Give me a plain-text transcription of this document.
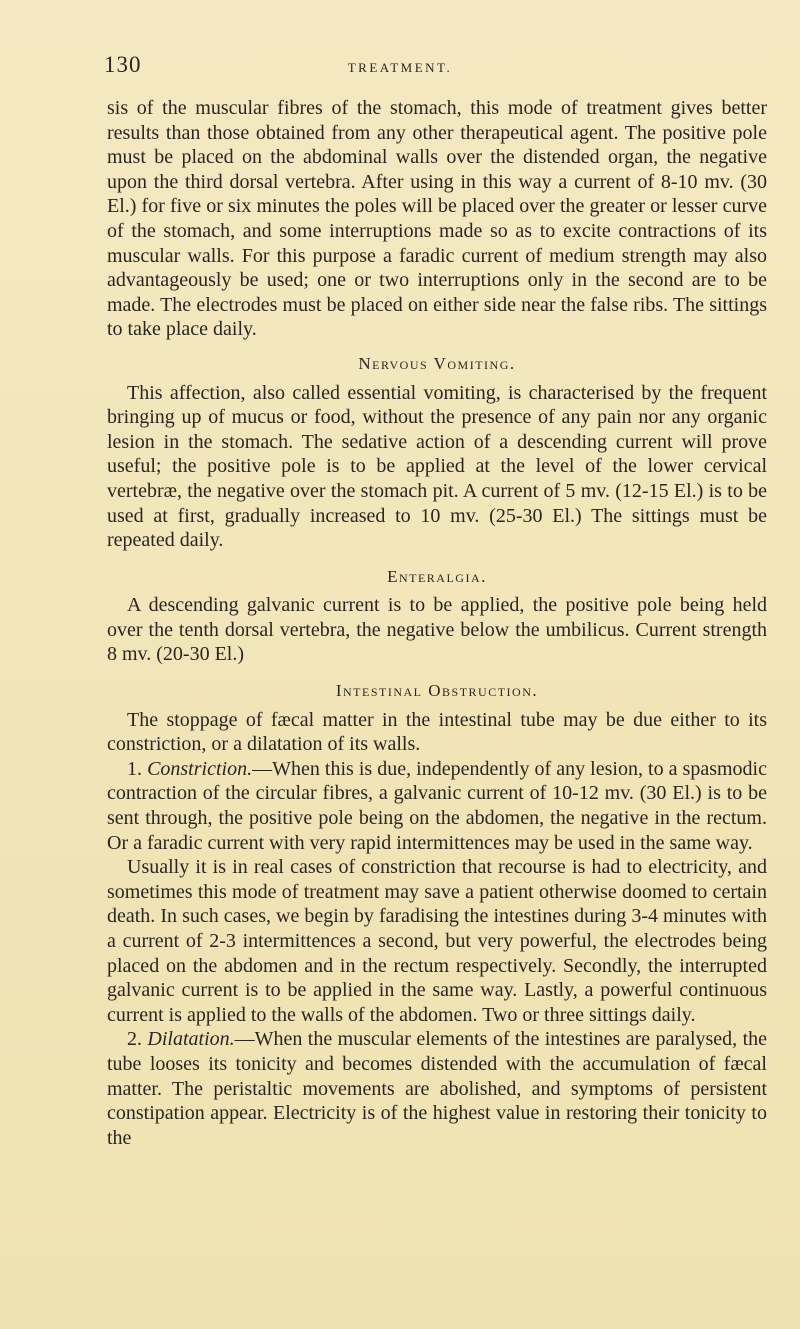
130	TREATMENT.

sis of the muscular fibres of the stomach, this mode of treatment gives better results than those obtained from any other therapeutical agent. The positive pole must be placed on the abdominal walls over the distended organ, the negative upon the third dorsal vertebra. After using in this way a current of 8-10 mv. (30 El.) for five or six minutes the poles will be placed over the greater or lesser curve of the stomach, and some interruptions made so as to excite contractions of its muscular walls. For this purpose a faradic current of medium strength may also advantageously be used; one or two interruptions only in the second are to be made. The electrodes must be placed on either side near the false ribs. The sittings to take place daily.

Nervous Vomiting.

This affection, also called essential vomiting, is characterised by the frequent bringing up of mucus or food, without the presence of any pain nor any organic lesion in the stomach. The sedative action of a descending current will prove useful; the positive pole is to be applied at the level of the lower cervical vertebræ, the negative over the stomach pit. A current of 5 mv. (12-15 El.) is to be used at first, gradually increased to 10 mv. (25-30 El.) The sittings must be repeated daily.

Enteralgia.

A descending galvanic current is to be applied, the positive pole being held over the tenth dorsal vertebra, the negative below the umbilicus. Current strength 8 mv. (20-30 El.)

Intestinal Obstruction.

The stoppage of fæcal matter in the intestinal tube may be due either to its constriction, or a dilatation of its walls.

1. Constriction.—When this is due, independently of any lesion, to a spasmodic contraction of the circular fibres, a galvanic current of 10-12 mv. (30 El.) is to be sent through, the positive pole being on the abdomen, the negative in the rectum. Or a faradic current with very rapid intermittences may be used in the same way.

Usually it is in real cases of constriction that recourse is had to electricity, and sometimes this mode of treatment may save a patient otherwise doomed to certain death. In such cases, we begin by faradising the intestines during 3-4 minutes with a current of 2-3 intermittences a second, but very powerful, the electrodes being placed on the abdomen and in the rectum respectively. Secondly, the interrupted galvanic current is to be applied in the same way. Lastly, a powerful continuous current is applied to the walls of the abdomen. Two or three sittings daily.

2. Dilatation.—When the muscular elements of the intestines are paralysed, the tube looses its tonicity and becomes distended with the accumulation of fæcal matter. The peristaltic movements are abolished, and symptoms of persistent constipation appear. Electricity is of the highest value in restoring their tonicity to the
